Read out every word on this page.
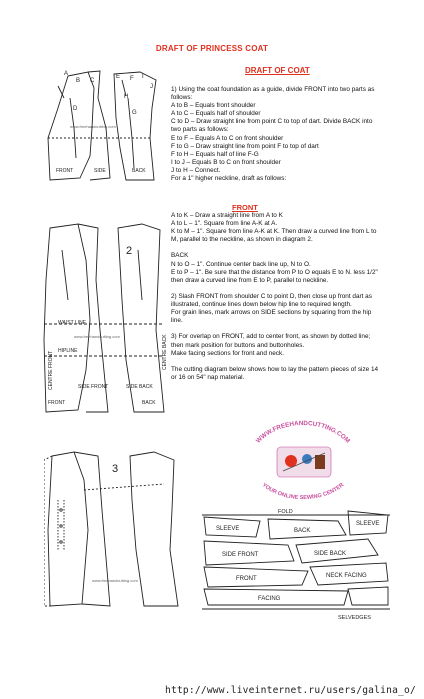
DRAFT OF PRINCESS COAT
DRAFT OF COAT
1) Using the coat foundation as a guide, divide FRONT into two parts as follows:
A to B – Equals front shoulder
A to C – Equals half of shoulder
C to D – Draw straight line from point C to top of dart. Divide BACK into two parts as follows:
E to F – Equals A to C on front shoulder
F to G – Draw straight line from point F to top of dart
F to H – Equals half of line F-G
I to J – Equals B to C on front shoulder
J to H – Connect.
For a 1" higher neckline, draft as follows:
FRONT
A to K – Draw a straight line from A to K
A to L – 1". Square from line A-K at A.
K to M – 1". Square from line A-K at K. Then draw a curved line from L to M, parallel to the neckline, as shown in diagram 2.

BACK
N to O – 1". Continue center back line up, N to O.
E to P – 1". Be sure that the distance from P to O equals E to N. less 1/2" then draw a curved line from E to P, parallel to neckline.

2) Slash FRONT from shoulder C to point D, then close up front dart as illustrated, continue lines down below hip line to required length.
For grain lines, mark arrows on SIDE sections by squaring from the hip line.

3) For overlap on FRONT, add to center front, as shown by dotted line; then mark position for buttons and buttonholes.
Make facing sections for front and neck.

The cutting diagram below shows how to lay the pattern pieces of size 14 or 16 on 54" nap material.
A
B C
D
E F
G
H
I
J
FRONT	SIDE	BACK
www.freehandcutting.com
2
CENTRE FRONT
WAIST LINE
HIPLINE
SIDE FRONT	SIDE BACK
FRONT	BACK
CENTRE BACK
www.freehandcutting.com
3
www.freehandcutting.com
WWW.FREEHANDCUTTING.COM
YOUR ONLINE SEWING CENTER
FOLD
SLEEVE	BACK
SLEEVE
SIDE FRONT	SIDE BACK
NECK FACING
FRONT
FACING
SELVEDGES
http://www.liveinternet.ru/users/galina_o/
